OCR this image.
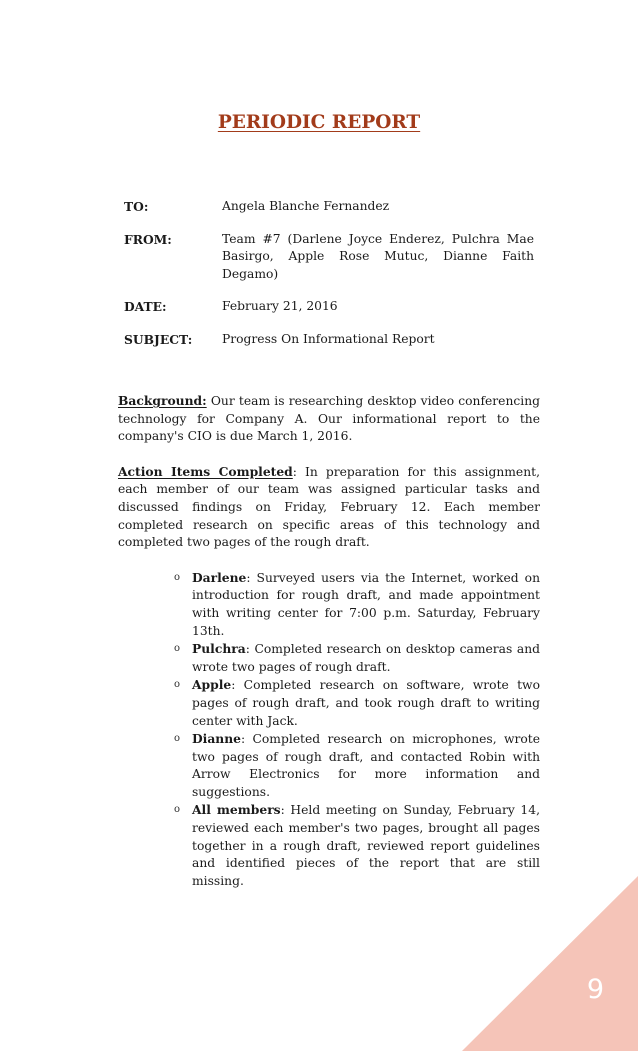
PERIODIC REPORT
TO:	Angela Blanche Fernandez
FROM:	Team #7 (Darlene Joyce Enderez, Pulchra Mae Basirgo, Apple Rose Mutuc, Dianne Faith Degamo)
DATE:	February 21, 2016
SUBJECT:	Progress On Informational Report

Background: Our team is researching desktop video conferencing technology for Company A. Our informational report to the company's CIO is due March 1, 2016.

Action Items Completed: In preparation for this assignment, each member of our team was assigned particular tasks and discussed findings on Friday, February 12. Each member completed research on specific areas of this technology and completed two pages of the rough draft.

o Darlene: Surveyed users via the Internet, worked on introduction for rough draft, and made appointment with writing center for 7:00 p.m. Saturday, February 13th.
o Pulchra: Completed research on desktop cameras and wrote two pages of rough draft.
o Apple: Completed research on software, wrote two pages of rough draft, and took rough draft to writing center with Jack.
o Dianne: Completed research on microphones, wrote two pages of rough draft, and contacted Robin with Arrow Electronics for more information and suggestions.
o All members: Held meeting on Sunday, February 14, reviewed each member's two pages, brought all pages together in a rough draft, reviewed report guidelines and identified pieces of the report that are still missing.
9
